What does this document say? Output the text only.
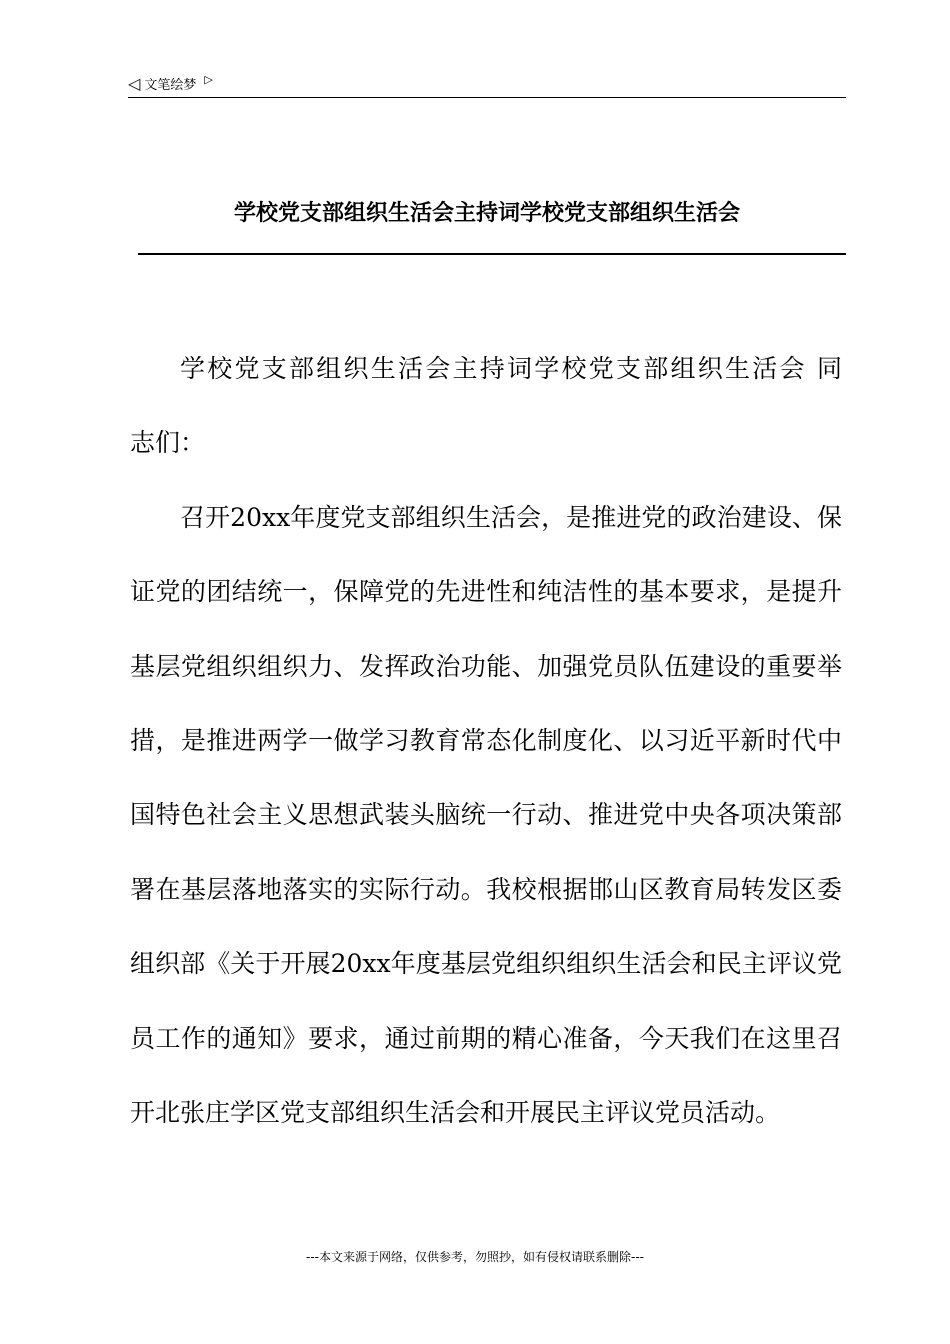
◁ 文笔绘梦 ▷
学校党支部组织生活会主持词学校党支部组织生活会

学校党支部组织生活会主持词学校党支部组织生活会 同

志们：

召开20xx年度党支部组织生活会，是推进党的政治建设、保证党的团结统一，保障党的先进性和纯洁性的基本要求，是提升基层党组织组织力、发挥政治功能、加强党员队伍建设的重要举措，是推进两学一做学习教育常态化制度化、以习近平新时代中国特色社会主义思想武装头脑统一行动、推进党中央各项决策部署在基层落地落实的实际行动。我校根据邯山区教育局转发区委组织部《关于开展20xx年度基层党组织组织生活会和民主评议党员工作的通知》要求，通过前期的精心准备，今天我们在这里召开北张庄学区党支部组织生活会和开展民主评议党员活动。

---本文来源于网络，仅供参考，勿照抄，如有侵权请联系删除---
